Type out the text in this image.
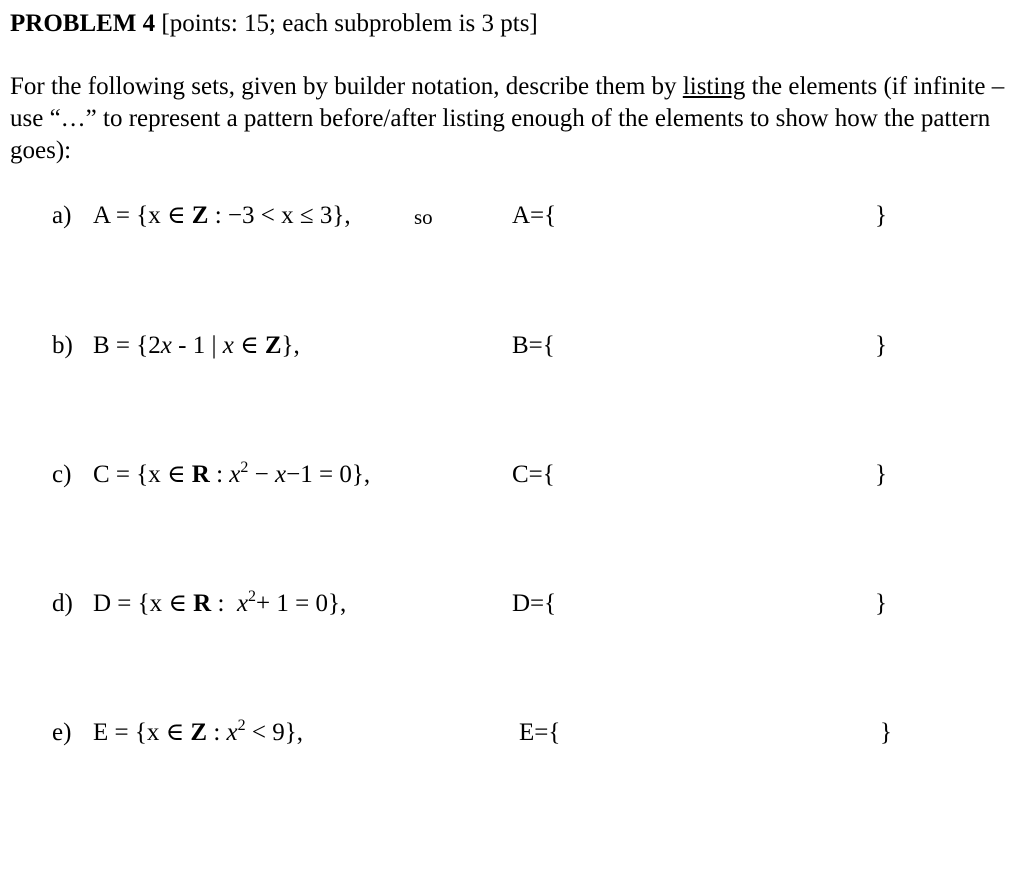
PROBLEM 4 [points: 15; each subproblem is 3 pts]
For the following sets, given by builder notation, describe them by listing the elements (if infinite – use “…” to represent a pattern before/after listing enough of the elements to show how the pattern goes):
a) A = {x ∈ Z : −3 < x ≤ 3},	so	A={	}
b) B = {2x - 1 | x ∈ Z},	B={	}
c) C = {x ∈ R : $x^2 - x-1 = 0$},	C={	}
d) D = {x ∈ R :  $x^2+ 1 = 0$},	D={	}
e) E = {x ∈ Z : $x^2 < 9$},	E={	}
